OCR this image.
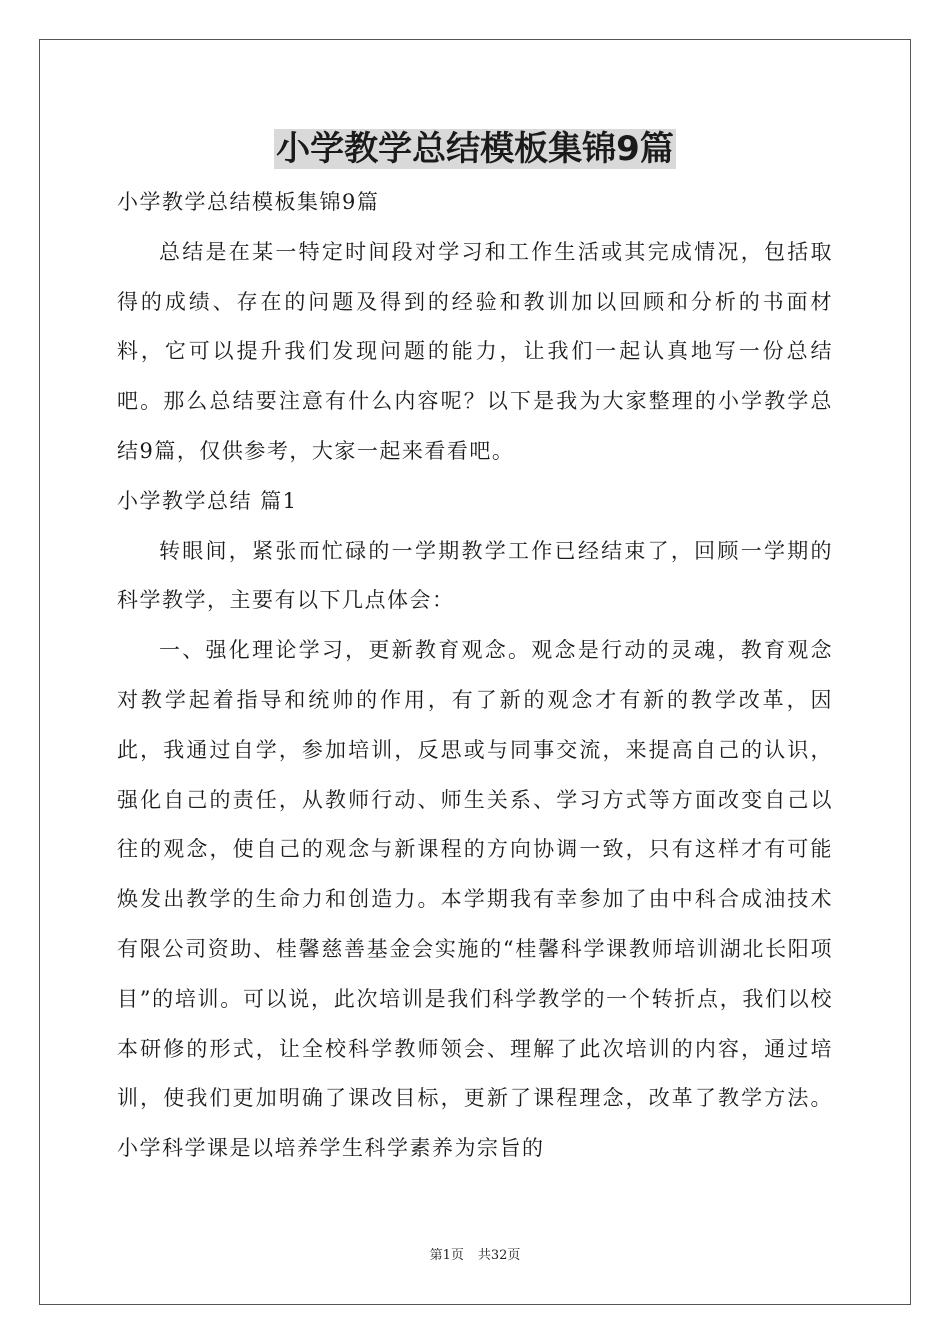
小学教学总结模板集锦9篇

小学教学总结模板集锦9篇

总结是在某一特定时间段对学习和工作生活或其完成情况，包括取得的成绩、存在的问题及得到的经验和教训加以回顾和分析的书面材料，它可以提升我们发现问题的能力，让我们一起认真地写一份总结吧。那么总结要注意有什么内容呢？以下是我为大家整理的小学教学总结9篇，仅供参考，大家一起来看看吧。

小学教学总结 篇1

转眼间，紧张而忙碌的一学期教学工作已经结束了，回顾一学期的科学教学，主要有以下几点体会：

一、强化理论学习，更新教育观念。观念是行动的灵魂，教育观念对教学起着指导和统帅的作用，有了新的观念才有新的教学改革，因此，我通过自学，参加培训，反思或与同事交流，来提高自己的认识，强化自己的责任，从教师行动、师生关系、学习方式等方面改变自己以往的观念，使自己的观念与新课程的方向协调一致，只有这样才有可能焕发出教学的生命力和创造力。本学期我有幸参加了由中科合成油技术有限公司资助、桂馨慈善基金会实施的“桂馨科学课教师培训湖北长阳项目”的培训。可以说，此次培训是我们科学教学的一个转折点，我们以校本研修的形式，让全校科学教师领会、理解了此次培训的内容，通过培训，使我们更加明确了课改目标，更新了课程理念，改革了教学方法。小学科学课是以培养学生科学素养为宗旨的

第1页 共32页
